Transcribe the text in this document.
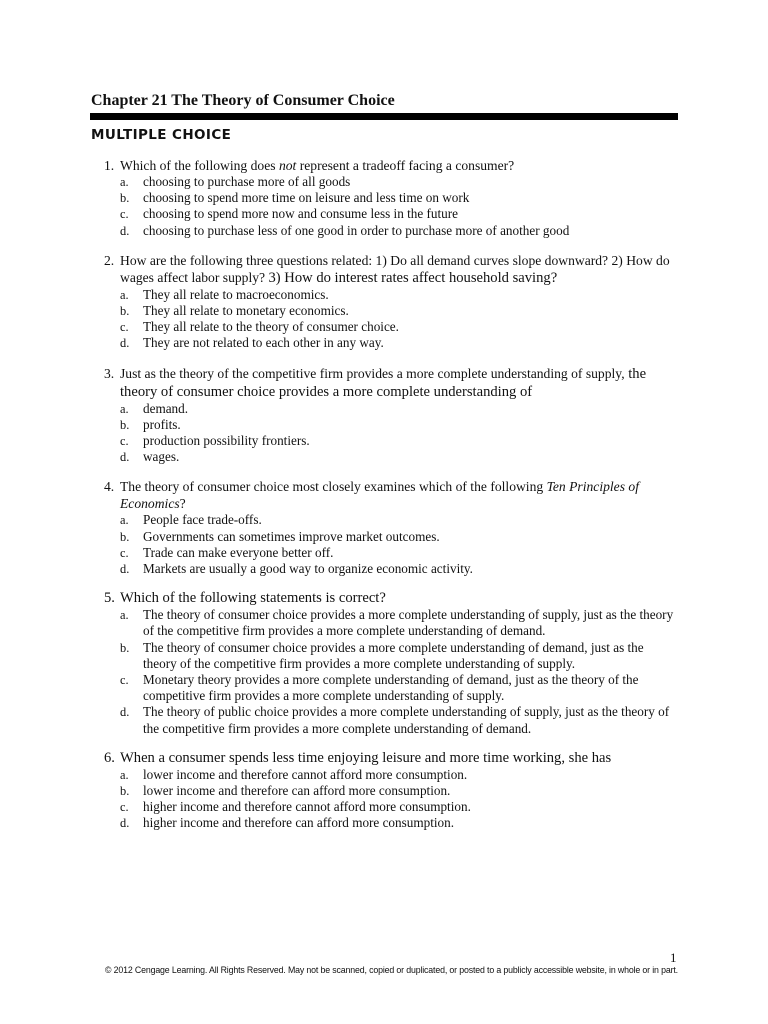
Chapter 21 The Theory of Consumer Choice
MULTIPLE CHOICE
1. Which of the following does not represent a tradeoff facing a consumer?
a. choosing to purchase more of all goods
b. choosing to spend more time on leisure and less time on work
c. choosing to spend more now and consume less in the future
d. choosing to purchase less of one good in order to purchase more of another good
2. How are the following three questions related: 1) Do all demand curves slope downward? 2) How do wages affect labor supply? 3) How do interest rates affect household saving?
a. They all relate to macroeconomics.
b. They all relate to monetary economics.
c. They all relate to the theory of consumer choice.
d. They are not related to each other in any way.
3. Just as the theory of the competitive firm provides a more complete understanding of supply, the theory of consumer choice provides a more complete understanding of
a. demand.
b. profits.
c. production possibility frontiers.
d. wages.
4. The theory of consumer choice most closely examines which of the following Ten Principles of Economics?
a. People face trade-offs.
b. Governments can sometimes improve market outcomes.
c. Trade can make everyone better off.
d. Markets are usually a good way to organize economic activity.
5. Which of the following statements is correct?
a. The theory of consumer choice provides a more complete understanding of supply, just as the theory of the competitive firm provides a more complete understanding of demand.
b. The theory of consumer choice provides a more complete understanding of demand, just as the theory of the competitive firm provides a more complete understanding of supply.
c. Monetary theory provides a more complete understanding of demand, just as the theory of the competitive firm provides a more complete understanding of supply.
d. The theory of public choice provides a more complete understanding of supply, just as the theory of the competitive firm provides a more complete understanding of demand.
6. When a consumer spends less time enjoying leisure and more time working, she has
a. lower income and therefore cannot afford more consumption.
b. lower income and therefore can afford more consumption.
c. higher income and therefore cannot afford more consumption.
d. higher income and therefore can afford more consumption.
1
© 2012 Cengage Learning. All Rights Reserved. May not be scanned, copied or duplicated, or posted to a publicly accessible website, in whole or in part.
